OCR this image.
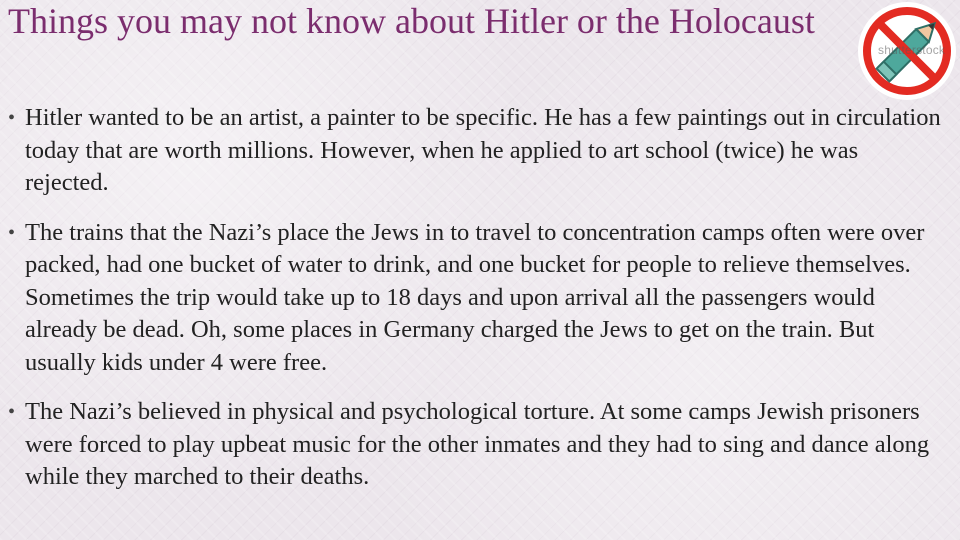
Things you may not know about Hitler or the Holocaust
shutterstock
• Hitler wanted to be an artist, a painter to be specific. He has a few paintings out in circulation today that are worth millions. However, when he applied to art school (twice) he was rejected.
• The trains that the Nazi’s place the Jews in to travel to concentration camps often were over packed, had one bucket of water to drink, and one bucket for people to relieve themselves. Sometimes the trip would take up to 18 days and upon arrival all the passengers would already be dead. Oh, some places in Germany charged the Jews to get on the train. But usually kids under 4 were free.
• The Nazi’s believed in physical and psychological torture. At some camps Jewish prisoners were forced to play upbeat music for the other inmates and they had to sing and dance along while they marched to their deaths.
